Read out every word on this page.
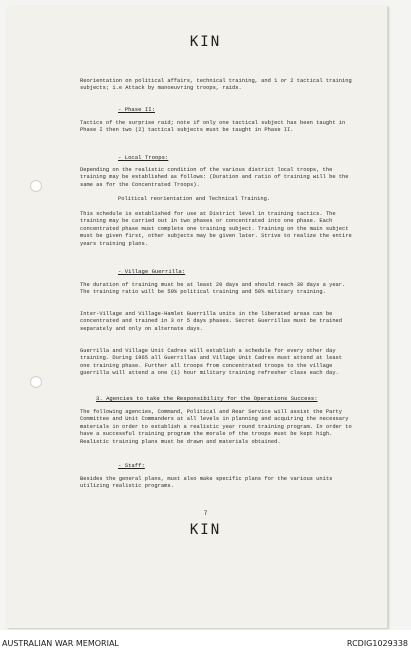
KIN
Reorientation on political affairs, technical training, and 1 or 2 tactical training subjects; i.e Attack by manoeuvring troops, raids.
- Phase II:
Tactics of the surprise raid; note if only one tactical subject has been taught in Phase I then two (2) tactical subjects must be taught in Phase II.
- Local Troops:
Depending on the realistic condition of the various district local troops, the training may be established as follows: (Duration and ratio of training will be the same as for the Concentrated Troops).
Political reorientation and Technical Training.
This schedule is established for use at District level in training tactics. The training may be carried out in two phases or concentrated into one phase. Each concentrated phase must complete one training subject. Training on the main subject must be given first, other subjects may be given later. Strive to realize the entire years training plans.
- Village Guerrilla:
The duration of training must be at least 20 days and should reach 30 days a year. The training ratio will be 50% political training and 50% military training.
Inter-Village and Village-Hamlet Guerrilla units in the liberated areas can be concentrated and trained in 3 or 5 days phases. Secret Guerrillas must be trained separately and only on alternate days.
Guerrilla and Village Unit Cadres will establish a schedule for every other day training. During 1965 all Guerrillas and Village Unit Cadres must attend at least one training phase. Further all troops from concentrated troops to the village guerrilla will attend a one (1) hour military training refresher class each day.
3. Agencies to take the Responsibility for the Operations Success:
The following agencies, Command, Political and Rear Service will assist the Party Committee and Unit Commanders at all levels in planning and acquiring the necessary materials in order to establish a realistic year round training program. In order to have a successful training program the morale of the troops must be kept high. Realistic training plans must be drawn and materials obtained.
- Staff:
Besides the general plans, must also make specific plans for the various units utilizing realistic programs.
7
KIN
AUSTRALIAN WAR MEMORIAL	RCDIG1029338
